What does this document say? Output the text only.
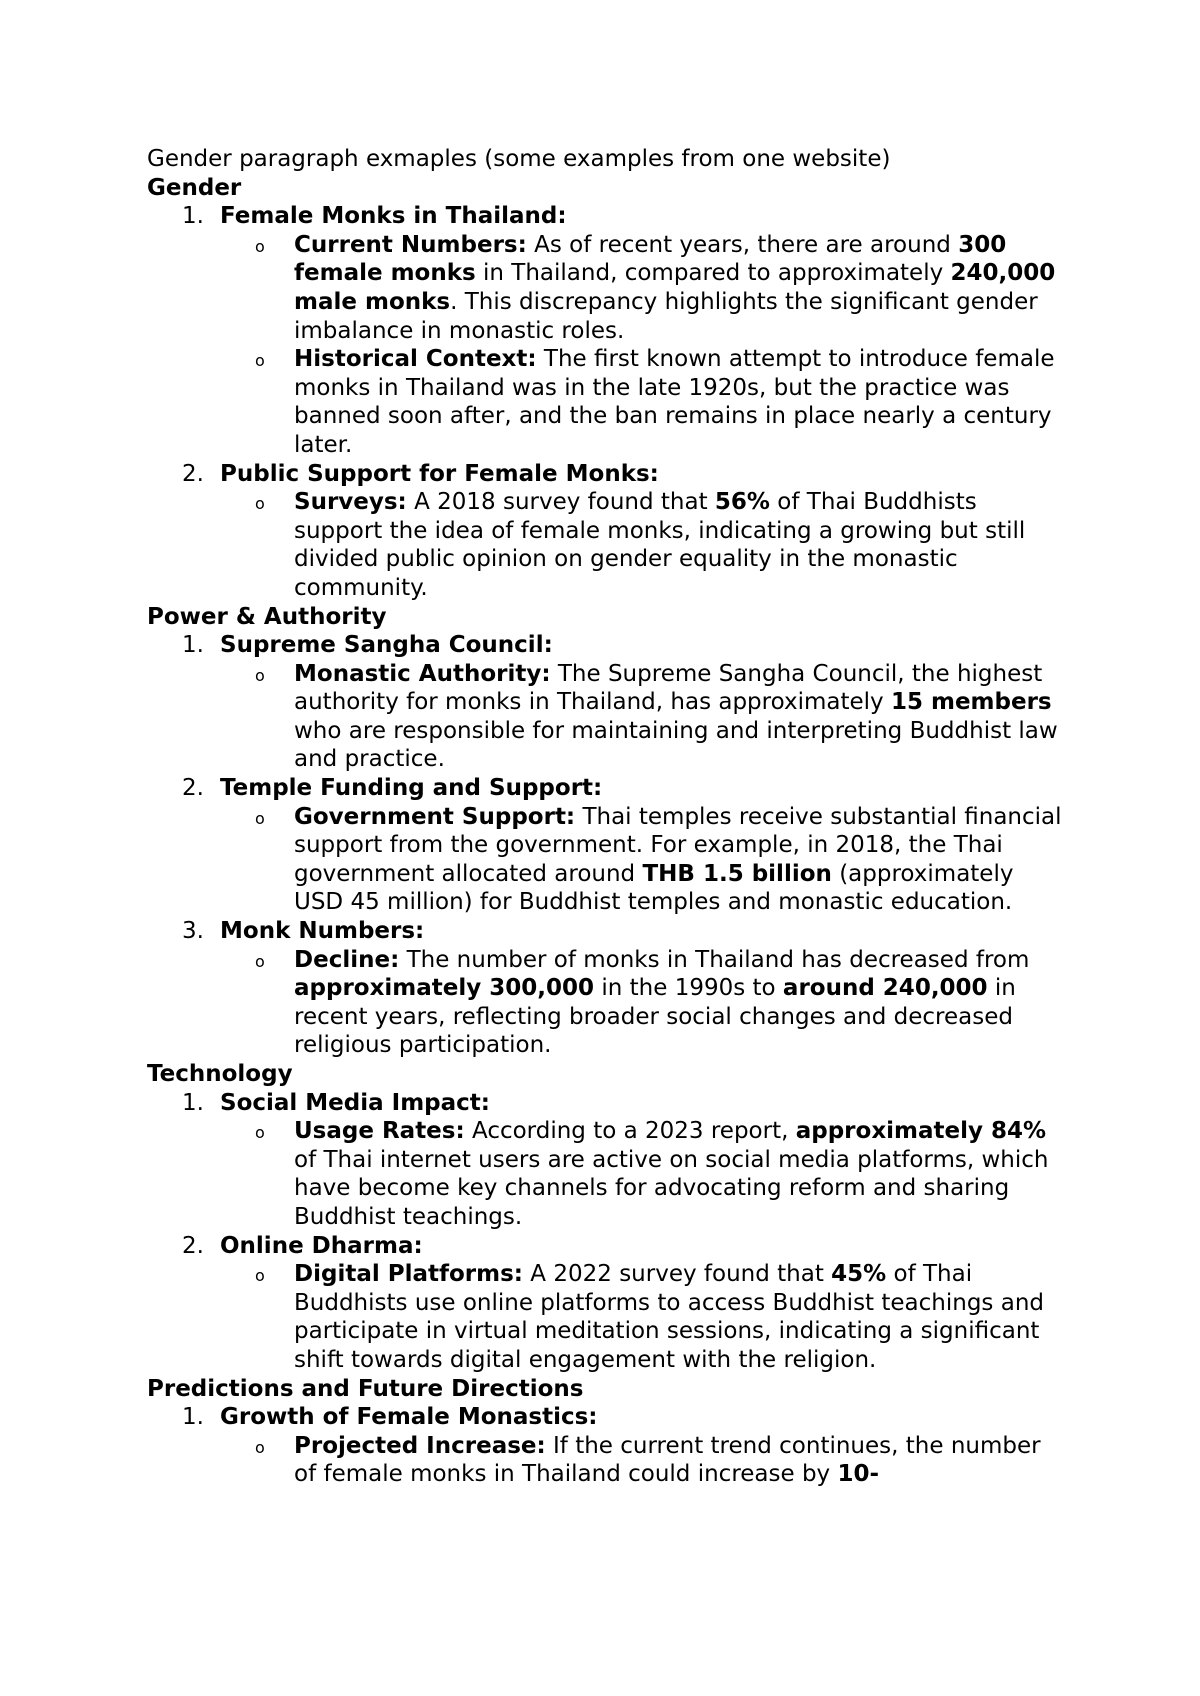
Gender paragraph exmaples (some examples from one website)

Gender

1 .	Female Monks in Thailand:

o Current Numbers: As of recent years, there are around 300 female monks in Thailand, compared to approximately 240,000 male monks. This discrepancy highlights the significant gender imbalance in monastic roles.

o Historical Context: The first known attempt to introduce female monks in Thailand was in the late 1920s, but the practice was banned soon after, and the ban remains in place nearly a century later.

2 .	Public Support for Female Monks:

o Surveys: A 2018 survey found that 56% of Thai Buddhists support the idea of female monks, indicating a growing but still divided public opinion on gender equality in the monastic community.

Power & Authority

1 .	Supreme Sangha Council:

o Monastic Authority: The Supreme Sangha Council, the highest authority for monks in Thailand, has approximately 15 members who are responsible for maintaining and interpreting Buddhist law and practice.

2 .	Temple Funding and Support:

o Government Support: Thai temples receive substantial financial support from the government. For example, in 2018, the Thai government allocated around THB 1.5 billion (approximately USD 45 million) for Buddhist temples and monastic education.

3 .	Monk Numbers:

o Decline: The number of monks in Thailand has decreased from approximately 300,000 in the 1990s to around 240,000 in recent years, reflecting broader social changes and decreased religious participation.

Technology

1 .	Social Media Impact:

o Usage Rates: According to a 2023 report, approximately 84% of Thai internet users are active on social media platforms, which have become key channels for advocating reform and sharing Buddhist teachings.

2 .	Online Dharma:

o Digital Platforms: A 2022 survey found that 45% of Thai Buddhists use online platforms to access Buddhist teachings and participate in virtual meditation sessions, indicating a significant shift towards digital engagement with the religion.

Predictions and Future Directions

1 .	Growth of Female Monastics:

o Projected Increase: If the current trend continues, the number of female monks in Thailand could increase by 10-
